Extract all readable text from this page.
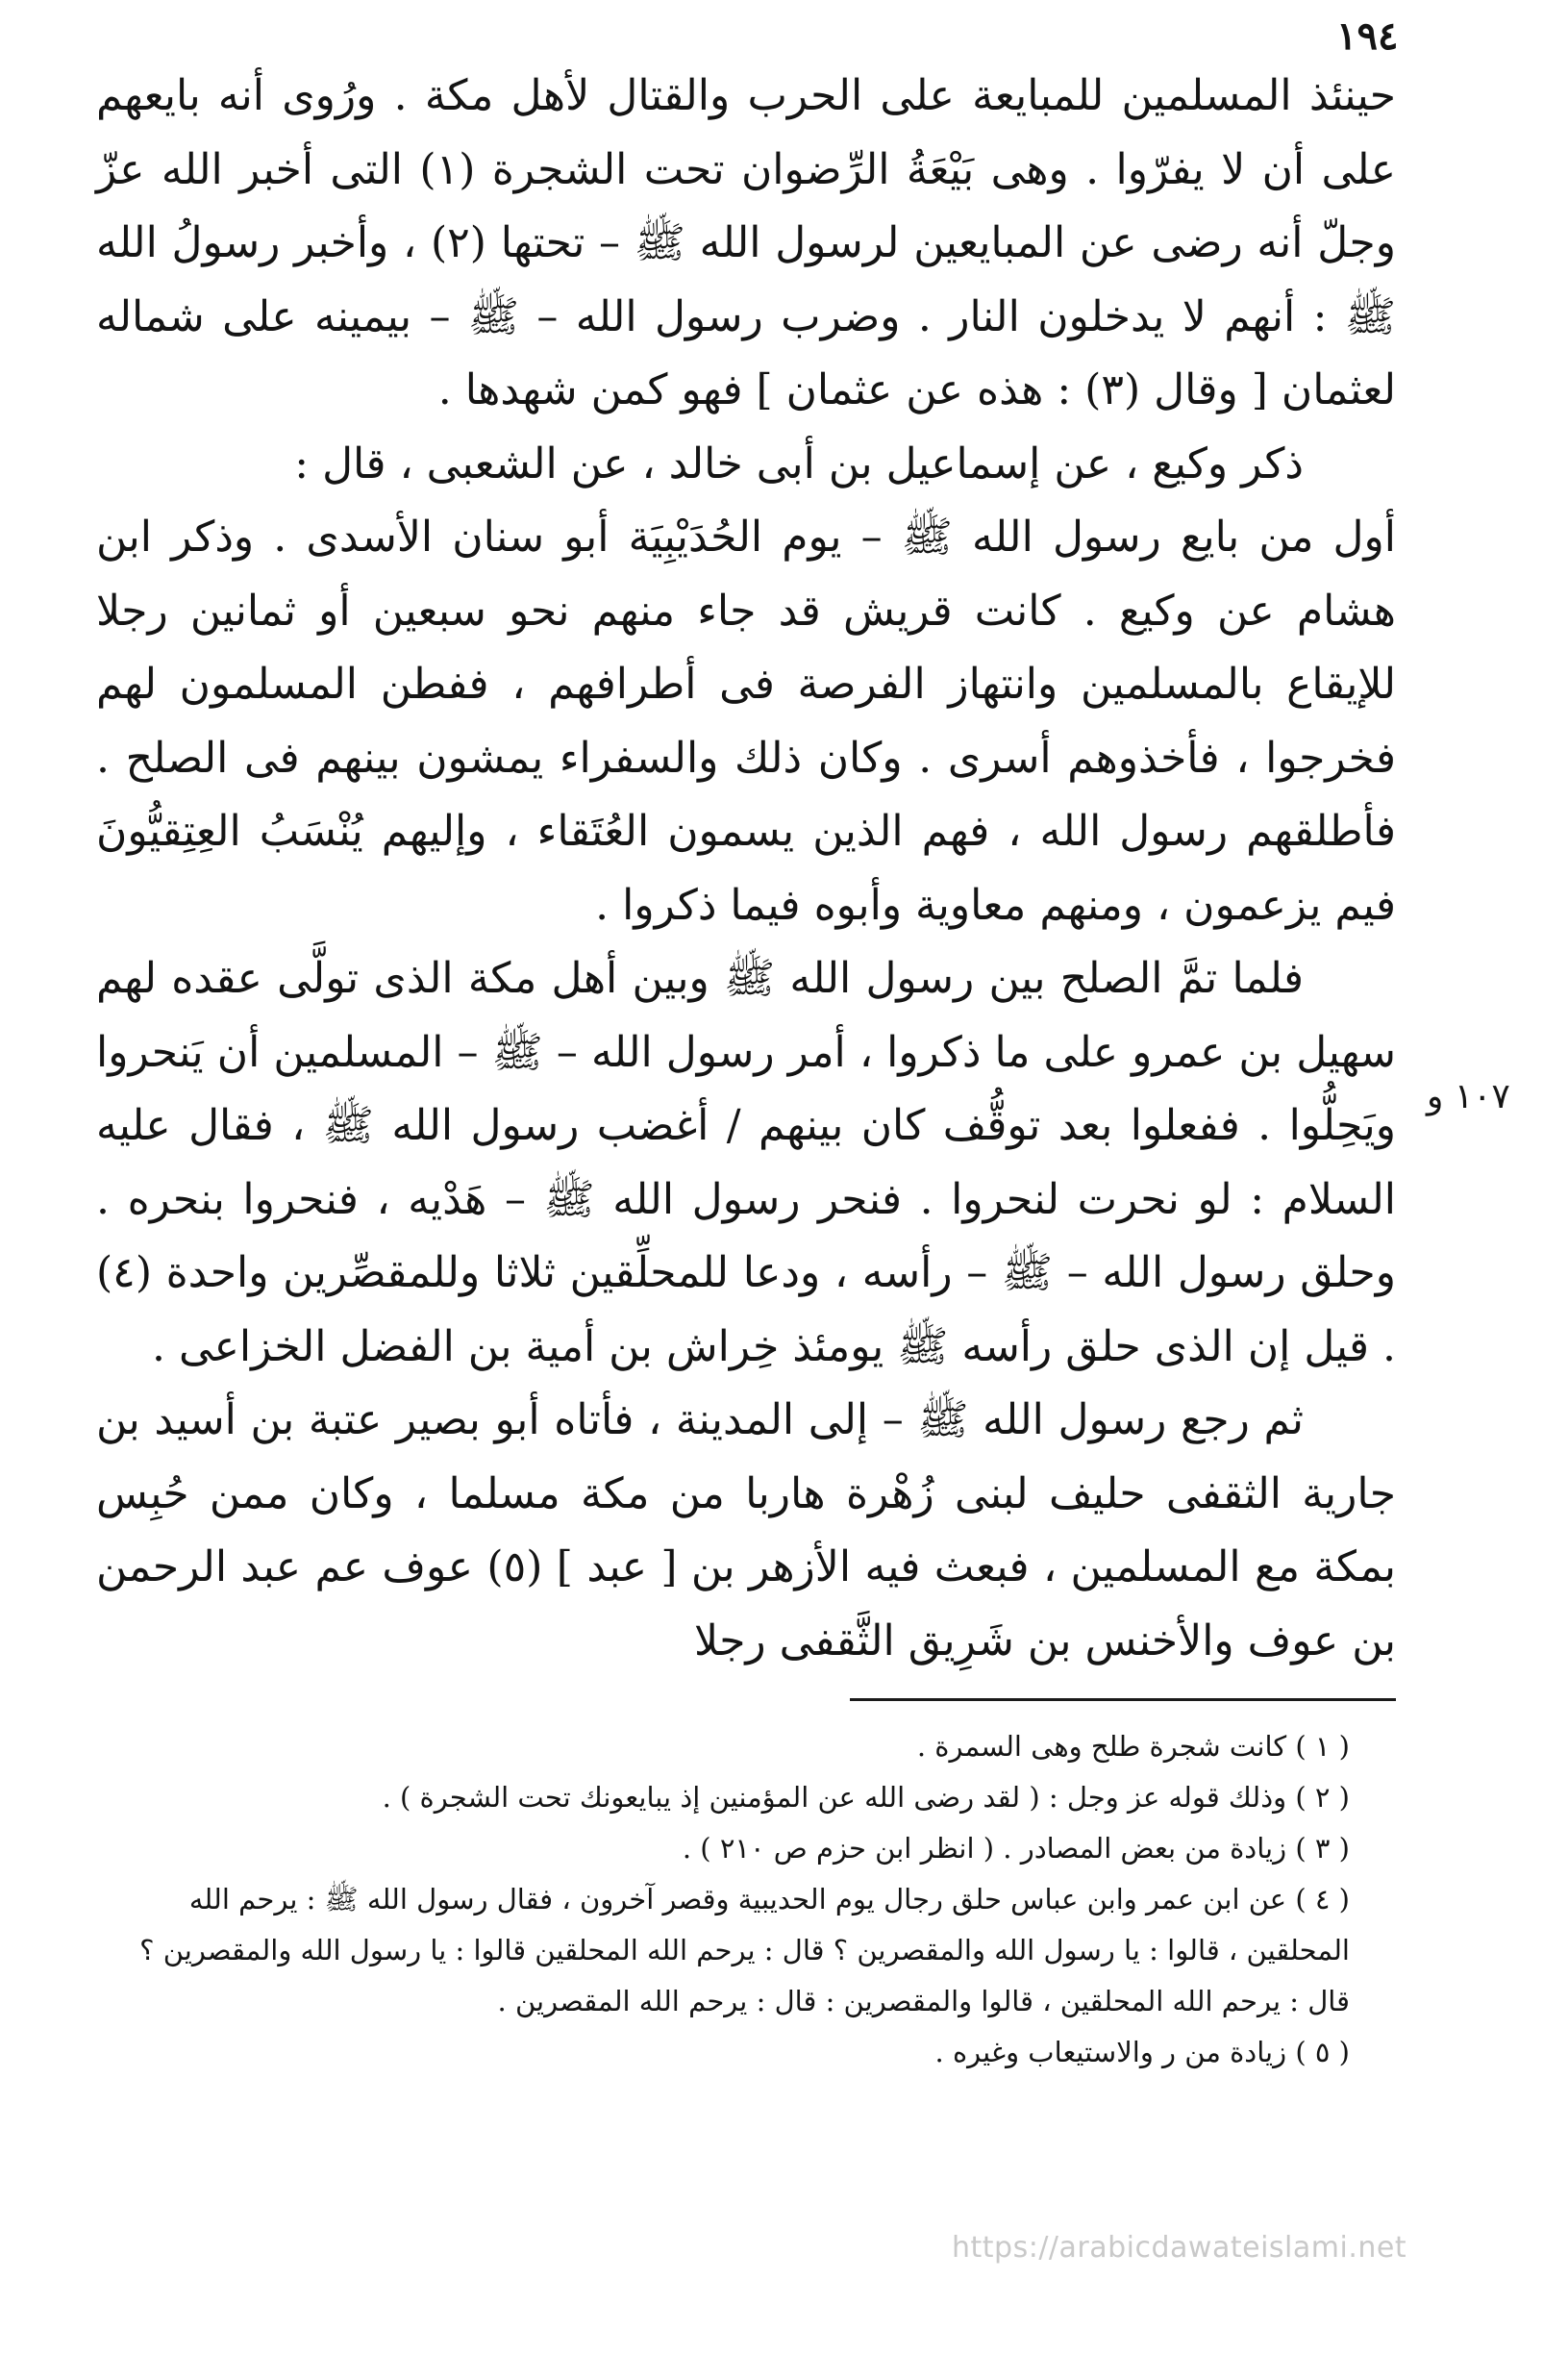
١٩٤

حينئذ المسلمين للمبايعة على الحرب والقتال لأهل مكة . ورُوى أنه بايعهم على أن لا يفرّوا . وهى بَيْعَةُ الرِّضوان تحت الشجرة (١) التى أخبر الله عزّ وجلّ أنه رضى عن المبايعين لرسول الله ﷺ – تحتها (٢) ، وأخبر رسولُ الله ﷺ : أنهم لا يدخلون النار . وضرب رسول الله – ﷺ – بيمينه على شماله لعثمان [ وقال (٣) : هذه عن عثمان ] فهو كمن شهدها .

ذكر وكيع ، عن إسماعيل بن أبى خالد ، عن الشعبى ، قال :

أول من بايع رسول الله ﷺ – يوم الحُدَيْبِيَة أبو سنان الأسدى . وذكر ابن هشام عن وكيع . كانت قريش قد جاء منهم نحو سبعين أو ثمانين رجلا للإيقاع بالمسلمين وانتهاز الفرصة فى أطرافهم ، ففطن المسلمون لهم فخرجوا ، فأخذوهم أسرى . وكان ذلك والسفراء يمشون بينهم فى الصلح . فأطلقهم رسول الله ، فهم الذين يسمون العُتَقاء ، وإليهم يُنْسَبُ العِتِقيُّونَ فيم يزعمون ، ومنهم معاوية وأبوه فيما ذكروا .

فلما تمَّ الصلح بين رسول الله ﷺ وبين أهل مكة الذى تولَّى عقده لهم سهيل بن عمرو على ما ذكروا ، أمر رسول الله – ﷺ – المسلمين أن يَنحروا ويَحِلُّوا . ففعلوا بعد توقُّف كان بينهم / أغضب رسول الله ﷺ ، فقال عليه السلام : لو نحرت لنحروا . فنحر رسول الله ﷺ – هَدْيه ، فنحروا بنحره . وحلق رسول الله – ﷺ – رأسه ، ودعا للمحلِّقين ثلاثا وللمقصِّرين واحدة (٤) . قيل إن الذى حلق رأسه ﷺ يومئذ خِراش بن أمية بن الفضل الخزاعى .

ثم رجع رسول الله ﷺ – إلى المدينة ، فأتاه أبو بصير عتبة بن أسيد بن جارية الثقفى حليف لبنى زُهْرة هاربا من مكة مسلما ، وكان ممن حُبِس بمكة مع المسلمين ، فبعث فيه الأزهر بن [ عبد ] (٥) عوف عم عبد الرحمن بن عوف والأخنس بن شَرِيق الثَّقفى رجلا

١٠٧ و

( ١ ) كانت شجرة طلح وهى السمرة .

( ٢ ) وذلك قوله عز وجل : ( لقد رضى الله عن المؤمنين إذ يبايعونك تحت الشجرة ) .

( ٣ ) زيادة من بعض المصادر . ( انظر ابن حزم ص ٢١٠ ) .

( ٤ ) عن ابن عمر وابن عباس حلق رجال يوم الحديبية وقصر آخرون ، فقال رسول الله ﷺ : يرحم الله المحلقين ، قالوا : يا رسول الله والمقصرين ؟ قال : يرحم الله المحلقين قالوا : يا رسول الله والمقصرين ؟ قال : يرحم الله المحلقين ، قالوا والمقصرين : قال : يرحم الله المقصرين .

( ٥ ) زيادة من ر والاستيعاب وغيره .

https://arabicdawateislami.net
